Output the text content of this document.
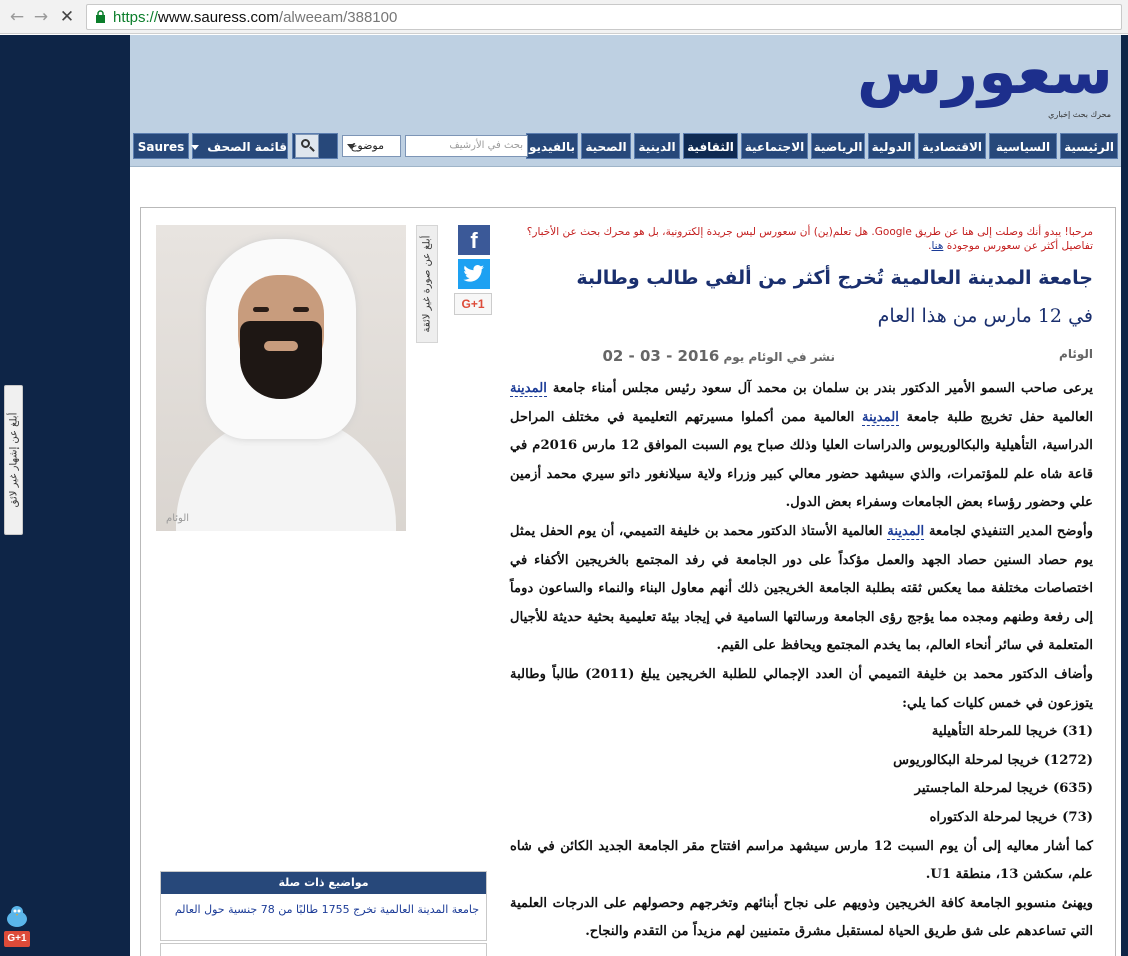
← → ✕	https://www.sauress.com/alweeam/388100
أبلغ عن إشهار غير لائق
G+1
سعورس
محرك بحث إخباري
الرئيسية
السياسية
الاقتصادية
الدولية
الرياضية
الاجتماعية
الثقافية
الدينية
الصحية
بالفيديو
بحث في الأرشيف
موضوع
قائمة الصحف
Saures
مرحبا! يبدو أنك وصلت إلى هنا عن طريق Google. هل تعلم(ين) أن سعورس ليس جريدة إلكترونية، بل هو محرك بحث عن الأخبار؟ تفاصيل أكثر عن سعورس موجودة هنا.
جامعة المدينة العالمية تُخرج أكثر من ألفي طالب وطالبة
في 12 مارس من هذا العام
الوئام
نشر في الوئام يوم 02 - 03 - 2016

يرعى صاحب السمو الأمير الدكتور بندر بن سلمان بن محمد آل سعود رئيس مجلس أمناء جامعة المدينة العالمية حفل تخريج طلبة جامعة المدينة العالمية ممن أكملوا مسيرتهم التعليمية في مختلف المراحل الدراسية، التأهيلية والبكالوريوس والدراسات العليا وذلك صباح يوم السبت الموافق 12 مارس 2016م في قاعة شاه علم للمؤتمرات، والذي سيشهد حضور معالي كبير وزراء ولاية سيلانغور داتو سيري محمد أزمين علي وحضور رؤساء بعض الجامعات وسفراء بعض الدول.

وأوضح المدير التنفيذي لجامعة المدينة العالمية الأستاذ الدكتور محمد بن خليفة التميمي، أن يوم الحفل يمثل يوم حصاد السنين حصاد الجهد والعمل مؤكداً على دور الجامعة في رفد المجتمع بالخريجين الأكفاء في اختصاصات مختلفة مما يعكس ثقته بطلبة الجامعة الخريجين ذلك أنهم معاول البناء والنماء والساعون دوماً إلى رفعة وطنهم ومجده مما يؤجج رؤى الجامعة ورسالتها السامية في إيجاد بيئة تعليمية بحثية حديثة للأجيال المتعلمة في سائر أنحاء العالم، بما يخدم المجتمع ويحافظ على القيم.

وأضاف الدكتور محمد بن خليفة التميمي أن العدد الإجمالي للطلبة الخريجين يبلغ (2011) طالباً وطالبة يتوزعون في خمس كليات كما يلي:

(31) خريجا للمرحلة التأهيلية

(1272) خريجا لمرحلة البكالوريوس

(635) خريجا لمرحلة الماجستير

(73) خريجا لمرحلة الدكتوراه

كما أشار معاليه إلى أن يوم السبت 12 مارس سيشهد مراسم افتتاح مقر الجامعة الجديد الكائن في شاه علم، سكشن 13، منطقة U1.

ويهنئ منسوبو الجامعة كافة الخريجين وذويهم على نجاح أبنائهم وتخرجهم وحصولهم على الدرجات العلمية التي تساعدهم على شق طريق الحياة لمستقبل مشرق متمنيين لهم مزيداً من التقدم والنجاح.

f
G+1
أبلغ عن صورة غير لائقة
الوئام
مواضيع ذات صلة
جامعة المدينة العالمية تخرج 1755 طالبًا من 78 جنسية حول العالم
